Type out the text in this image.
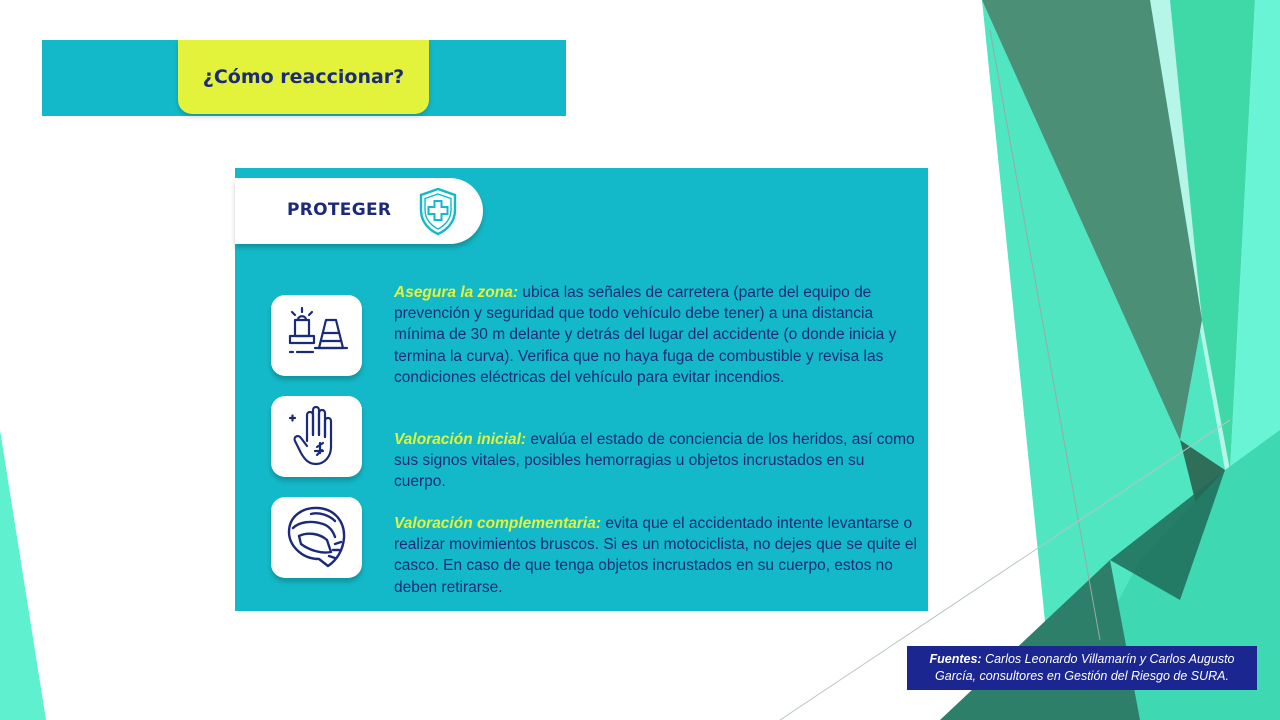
¿Cómo reaccionar?
PROTEGER
Asegura la zona: ubica las señales de carretera (parte del equipo de prevención y seguridad que todo vehículo debe tener) a una distancia mínima de 30 m delante y detrás del lugar del accidente (o donde inicia y termina la curva). Verifica que no haya fuga de combustible y revisa las condiciones eléctricas del vehículo para evitar incendios.
Valoración inicial: evalúa el estado de conciencia de los heridos, así como sus signos vitales, posibles hemorragias u objetos incrustados en su cuerpo.
Valoración complementaria: evita que el accidentado intente levantarse o realizar movimientos bruscos. Si es un motociclista, no dejes que se quite el casco. En caso de que tenga objetos incrustados en su cuerpo, estos no deben retirarse.
Fuentes: Carlos Leonardo Villamarín y Carlos Augusto García, consultores en Gestión del Riesgo de SURA.
